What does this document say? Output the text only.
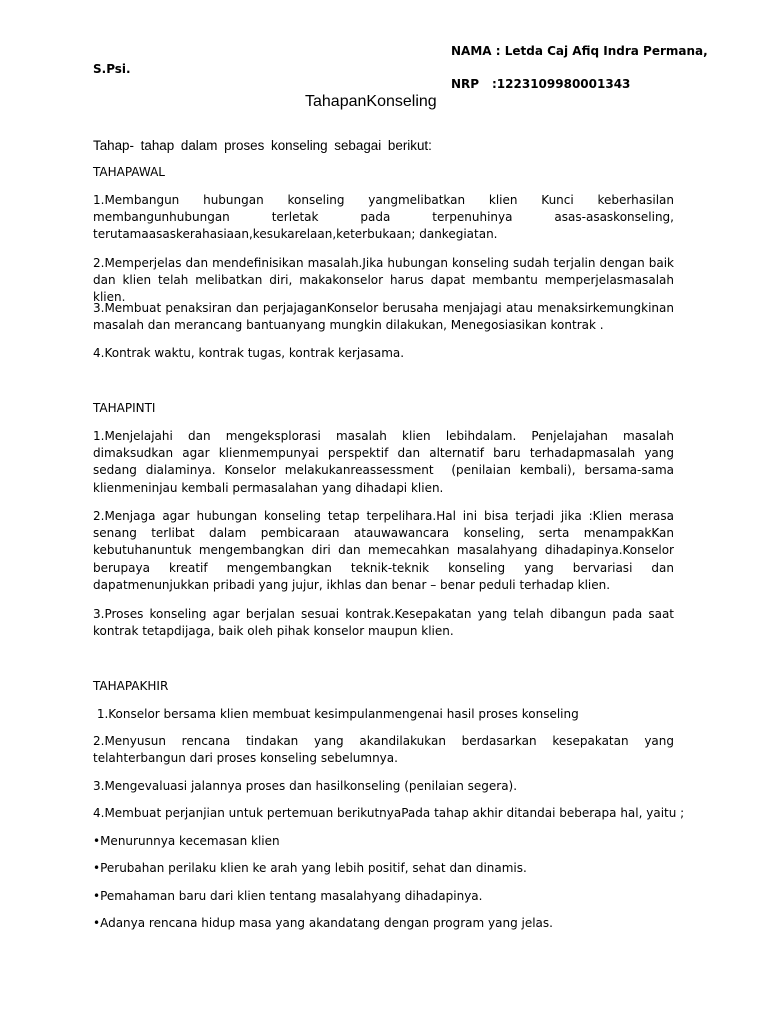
NAMA : Letda Caj Afiq Indra Permana,

S.Psi.

NRP :1223109980001343

TahapanKonseling

Tahap- tahap dalam proses konseling sebagai berikut:

TAHAPAWAL

1.Membangun hubungan konseling yangmelibatkan klien Kunci keberhasilan membangunhubungan terletak pada terpenuhinya asas-asaskonseling, terutamaasaskerahasiaan,kesukarelaan,keterbukaan; dankegiatan.

2.Memperjelas dan mendefinisikan masalah.Jika hubungan konseling sudah terjalin dengan baik dan klien telah melibatkan diri, makakonselor harus dapat membantu memperjelasmasalah klien.

3.Membuat penaksiran dan perjajaganKonselor berusaha menjajagi atau menaksirkemungkinan masalah dan merancang bantuanyang mungkin dilakukan, Menegosiasikan kontrak .

4.Kontrak waktu, kontrak tugas, kontrak kerjasama.

TAHAPINTI

1.Menjelajahi dan mengeksplorasi masalah klien lebihdalam. Penjelajahan masalah dimaksudkan agar klienmempunyai perspektif dan alternatif baru terhadapmasalah yang sedang dialaminya. Konselor melakukanreassessment  (penilaian kembali), bersama-sama klienmeninjau kembali permasalahan yang dihadapi klien.

2.Menjaga agar hubungan konseling tetap terpelihara.Hal ini bisa terjadi jika :Klien merasa senang terlibat dalam pembicaraan atauwawancara konseling, serta menampakKan kebutuhanuntuk mengembangkan diri dan memecahkan masalahyang dihadapinya.Konselor berupaya kreatif mengembangkan teknik-teknik konseling yang bervariasi dan dapatmenunjukkan pribadi yang jujur, ikhlas dan benar – benar peduli terhadap klien.

3.Proses konseling agar berjalan sesuai kontrak.Kesepakatan yang telah dibangun pada saat kontrak tetapdijaga, baik oleh pihak konselor maupun klien.

TAHAPAKHIR

1.Konselor bersama klien membuat kesimpulanmengenai hasil proses konseling

2.Menyusun rencana tindakan yang akandilakukan berdasarkan kesepakatan yang telahterbangun dari proses konseling sebelumnya.

3.Mengevaluasi jalannya proses dan hasilkonseling (penilaian segera).

4.Membuat perjanjian untuk pertemuan berikutnyaPada tahap akhir ditandai beberapa hal, yaitu ;

•Menurunnya kecemasan klien

•Perubahan perilaku klien ke arah yang lebih positif, sehat dan dinamis.

•Pemahaman baru dari klien tentang masalahyang dihadapinya.

•Adanya rencana hidup masa yang akandatang dengan program yang jelas.
